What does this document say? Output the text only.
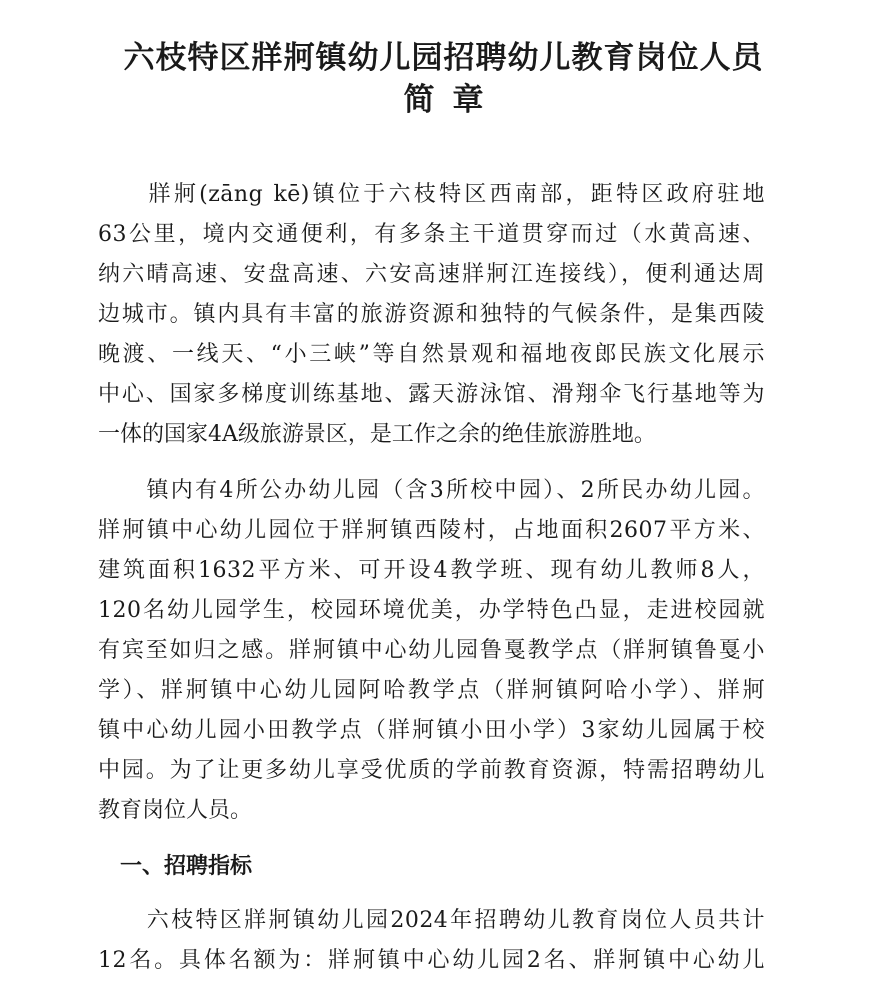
六枝特区牂牁镇幼儿园招聘幼儿教育岗位人员
简章
　　牂牁(zāng kē)镇位于六枝特区西南部，距特区政府驻地
63公里，境内交通便利，有多条主干道贯穿而过（水黄高速、
纳六晴高速、安盘高速、六安高速牂牁江连接线），便利通达周
边城市。镇内具有丰富的旅游资源和独特的气候条件，是集西陵
晚渡、一线天、“小三峡”等自然景观和福地夜郎民族文化展示
中心、国家多梯度训练基地、露天游泳馆、滑翔伞飞行基地等为
一体的国家4A级旅游景区，是工作之余的绝佳旅游胜地。
　　镇内有4所公办幼儿园（含3所校中园）、2所民办幼儿园。
牂牁镇中心幼儿园位于牂牁镇西陵村，占地面积2607平方米、
建筑面积1632平方米、可开设4教学班、现有幼儿教师8人，
120名幼儿园学生，校园环境优美，办学特色凸显，走进校园就
有宾至如归之感。牂牁镇中心幼儿园鲁戛教学点（牂牁镇鲁戛小
学）、牂牁镇中心幼儿园阿哈教学点（牂牁镇阿哈小学）、牂牁
镇中心幼儿园小田教学点（牂牁镇小田小学）3家幼儿园属于校
中园。为了让更多幼儿享受优质的学前教育资源，特需招聘幼儿
教育岗位人员。
　一、招聘指标
　　六枝特区牂牁镇幼儿园2024年招聘幼儿教育岗位人员共计
12名。具体名额为：牂牁镇中心幼儿园2名、牂牁镇中心幼儿
